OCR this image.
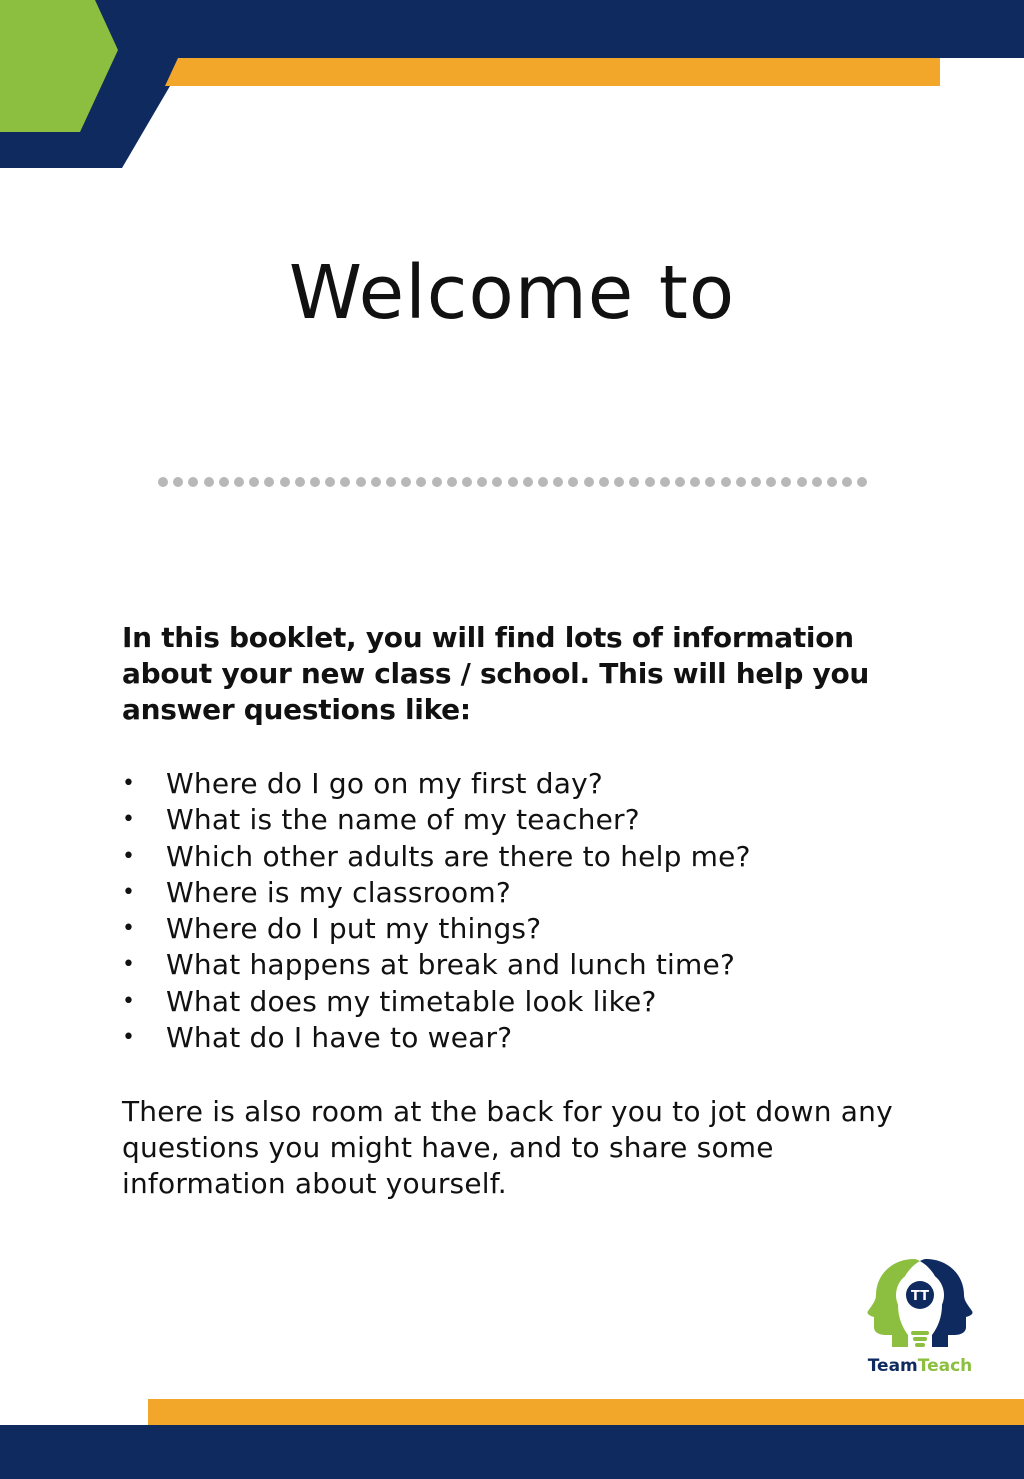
Welcome to

In this booklet, you will find lots of information about your new class / school. This will help you answer questions like:

• Where do I go on my first day?
• What is the name of my teacher?
• Which other adults are there to help me?
• Where is my classroom?
• Where do I put my things?
• What happens at break and lunch time?
• What does my timetable look like?
• What do I have to wear?

There is also room at the back for you to jot down any questions you might have, and to share some information about yourself.

TT
TeamTeach
